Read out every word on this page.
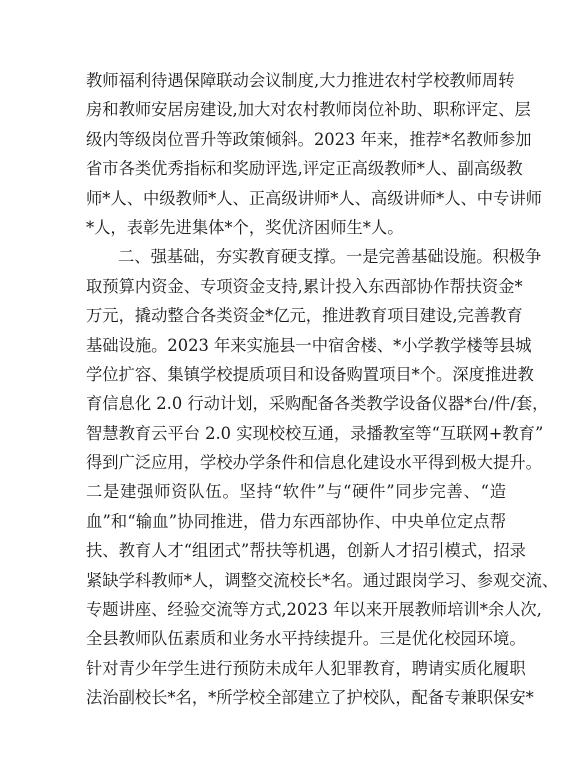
教师福利待遇保障联动会议制度,大力推进农村学校教师周转
房和教师安居房建设,加大对农村教师岗位补助、职称评定、层
级内等级岗位晋升等政策倾斜。2023 年来，推荐*名教师参加
省市各类优秀指标和奖励评选,评定正高级教师*人、副高级教
师*人、中级教师*人、正高级讲师*人、高级讲师*人、中专讲师
*人，表彰先进集体*个，奖优济困师生*人。
二、强基础，夯实教育硬支撑。一是完善基础设施。积极争
取预算内资金、专项资金支持,累计投入东西部协作帮扶资金*
万元，撬动整合各类资金*亿元，推进教育项目建设,完善教育
基础设施。2023 年来实施县一中宿舍楼、*小学教学楼等县城
学位扩容、集镇学校提质项目和设备购置项目*个。深度推进教
育信息化 2.0 行动计划，采购配备各类教学设备仪器*台/件/套，
智慧教育云平台 2.0 实现校校互通，录播教室等“互联网+教育”
得到广泛应用，学校办学条件和信息化建设水平得到极大提升。
二是建强师资队伍。坚持“软件”与“硬件”同步完善、“造
血”和“输血”协同推进，借力东西部协作、中央单位定点帮
扶、教育人才“组团式”帮扶等机遇，创新人才招引模式，招录
紧缺学科教师*人，调整交流校长*名。通过跟岗学习、参观交流、
专题讲座、经验交流等方式,2023 年以来开展教师培训*余人次,
全县教师队伍素质和业务水平持续提升。三是优化校园环境。
针对青少年学生进行预防未成年人犯罪教育，聘请实质化履职
法治副校长*名，*所学校全部建立了护校队，配备专兼职保安*
